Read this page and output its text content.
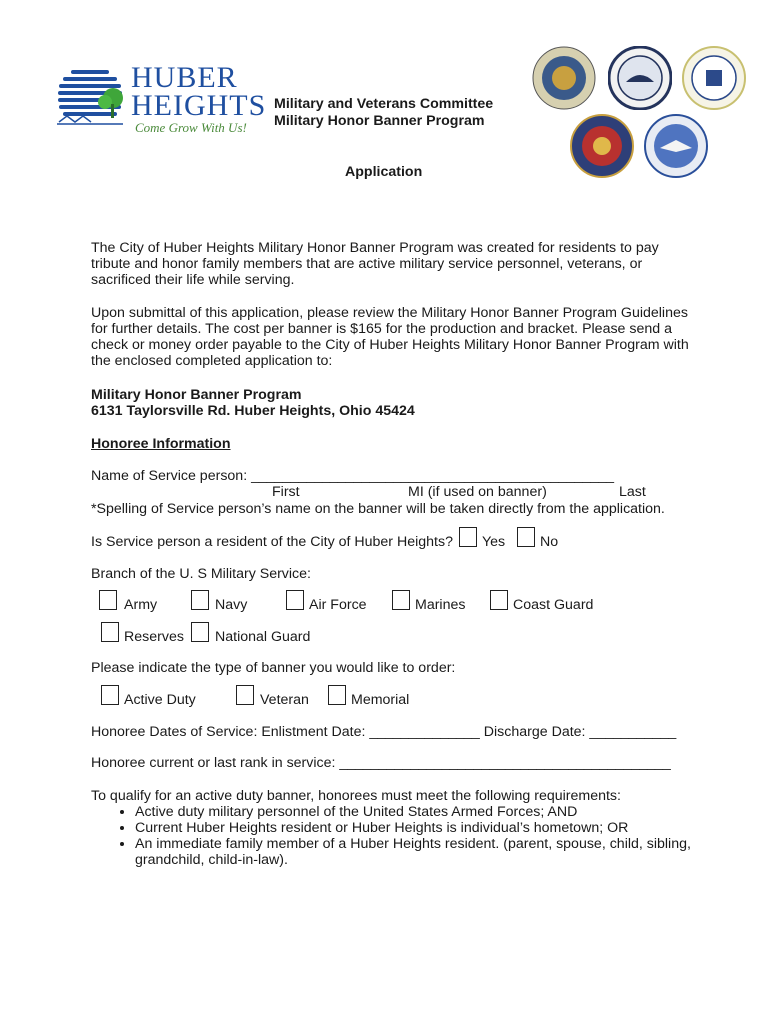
HUBER
HEIGHTS
Come Grow With Us!
Military and Veterans Committee
Military Honor Banner Program
Application
The City of Huber Heights Military Honor Banner Program was created for residents to pay
tribute and honor family members that are active military service personnel, veterans, or
sacrificed their life while serving.
Upon submittal of this application, please review the Military Honor Banner Program Guidelines
for further details. The cost per banner is $165 for the production and bracket. Please send a
check or money order payable to the City of Huber Heights Military Honor Banner Program with
the enclosed completed application to:
Military Honor Banner Program
6131 Taylorsville Rd. Huber Heights, Ohio 45424
Honoree Information
Name of Service person: ______________________________________________
First	MI (if used on banner)	Last
*Spelling of Service person’s name on the banner will be taken directly from the application.
Is Service person a resident of the City of Huber Heights? Yes No
Branch of the U. S Military Service:
Army	Navy	Air Force	Marines	Coast Guard
Reserves National Guard
Please indicate the type of banner you would like to order:
Active Duty	Veteran	Memorial
Honoree Dates of Service: Enlistment Date: ______________ Discharge Date: ___________
Honoree current or last rank in service: __________________________________________
To qualify for an active duty banner, honorees must meet the following requirements:
• Active duty military personnel of the United States Armed Forces; AND
• Current Huber Heights resident or Huber Heights is individual’s hometown; OR
• An immediate family member of a Huber Heights resident. (parent, spouse, child, sibling, grandchild, child-in-law).
